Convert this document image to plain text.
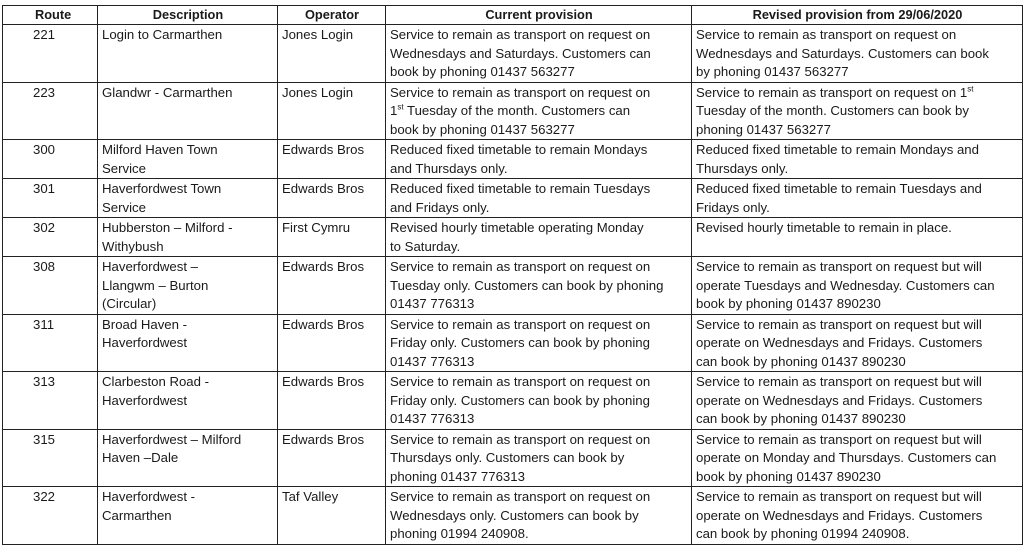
Route	Description	Operator	Current provision	Revised provision from 29/06/2020
221	Login to Carmarthen	Jones Login	Service to remain as transport on request on
Wednesdays and Saturdays. Customers can
book by phoning 01437 563277	Service to remain as transport on request on
Wednesdays and Saturdays. Customers can book
by phoning 01437 563277
223	Glandwr - Carmarthen	Jones Login	Service to remain as transport on request on
1st Tuesday of the month. Customers can
book by phoning 01437 563277	Service to remain as transport on request on 1st
Tuesday of the month. Customers can book by
phoning 01437 563277
300	Milford Haven Town
Service	Edwards Bros	Reduced fixed timetable to remain Mondays
and Thursdays only.	Reduced fixed timetable to remain Mondays and
Thursdays only.
301	Haverfordwest Town
Service	Edwards Bros	Reduced fixed timetable to remain Tuesdays
and Fridays only.	Reduced fixed timetable to remain Tuesdays and
Fridays only.
302	Hubberston – Milford -
Withybush	First Cymru	Revised hourly timetable operating Monday
to Saturday.	Revised hourly timetable to remain in place.
308	Haverfordwest –
Llangwm – Burton
(Circular)	Edwards Bros	Service to remain as transport on request on
Tuesday only. Customers can book by phoning
01437 776313	Service to remain as transport on request but will
operate Tuesdays and Wednesday. Customers can
book by phoning 01437 890230
311	Broad Haven -
Haverfordwest	Edwards Bros	Service to remain as transport on request on
Friday only. Customers can book by phoning
01437 776313	Service to remain as transport on request but will
operate on Wednesdays and Fridays. Customers
can book by phoning 01437 890230
313	Clarbeston Road -
Haverfordwest	Edwards Bros	Service to remain as transport on request on
Friday only. Customers can book by phoning
01437 776313	Service to remain as transport on request but will
operate on Wednesdays and Fridays. Customers
can book by phoning 01437 890230
315	Haverfordwest – Milford
Haven –Dale	Edwards Bros	Service to remain as transport on request on
Thursdays only. Customers can book by
phoning 01437 776313	Service to remain as transport on request but will
operate on Monday and Thursdays. Customers can
book by phoning 01437 890230
322	Haverfordwest -
Carmarthen	Taf Valley	Service to remain as transport on request on
Wednesdays only. Customers can book by
phoning 01994 240908.	Service to remain as transport on request but will
operate on Wednesdays and Fridays. Customers
can book by phoning 01994 240908.
